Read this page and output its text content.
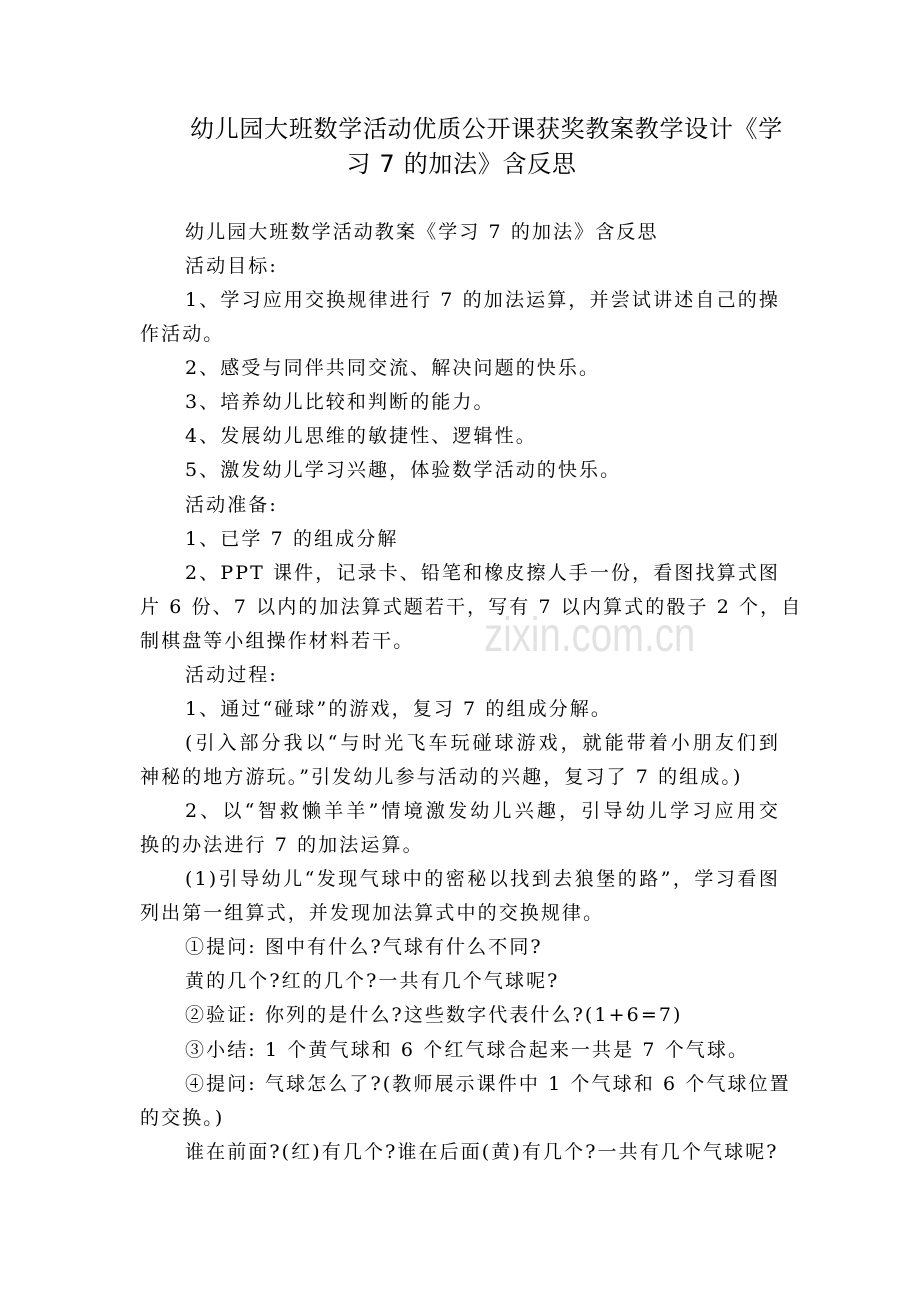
幼儿园大班数学活动优质公开课获奖教案教学设计《学
习 7 的加法》含反思
zixin.com.cn
幼儿园大班数学活动教案《学习 7 的加法》含反思
活动目标:
1、学习应用交换规律进行 7 的加法运算，并尝试讲述自己的操
作活动。
2、感受与同伴共同交流、解决问题的快乐。
3、培养幼儿比较和判断的能力。
4、发展幼儿思维的敏捷性、逻辑性。
5、激发幼儿学习兴趣，体验数学活动的快乐。
活动准备:
1、已学 7 的组成分解
2、PPT 课件，记录卡、铅笔和橡皮擦人手一份，看图找算式图
片 6 份、7 以内的加法算式题若干，写有 7 以内算式的骰子 2 个，自
制棋盘等小组操作材料若干。
活动过程:
1、通过“碰球”的游戏，复习 7 的组成分解。
(引入部分我以“与时光飞车玩碰球游戏，就能带着小朋友们到
神秘的地方游玩。”引发幼儿参与活动的兴趣，复习了 7 的组成。)
2、以“智救懒羊羊”情境激发幼儿兴趣，引导幼儿学习应用交
换的办法进行 7 的加法运算。
(1)引导幼儿“发现气球中的密秘以找到去狼堡的路”，学习看图
列出第一组算式，并发现加法算式中的交换规律。
①提问: 图中有什么?气球有什么不同?
黄的几个?红的几个?一共有几个气球呢?
②验证: 你列的是什么?这些数字代表什么?(1+6=7)
③小结: 1 个黄气球和 6 个红气球合起来一共是 7 个气球。
④提问: 气球怎么了?(教师展示课件中 1 个气球和 6 个气球位置
的交换。)
谁在前面?(红)有几个?谁在后面(黄)有几个?一共有几个气球呢?
